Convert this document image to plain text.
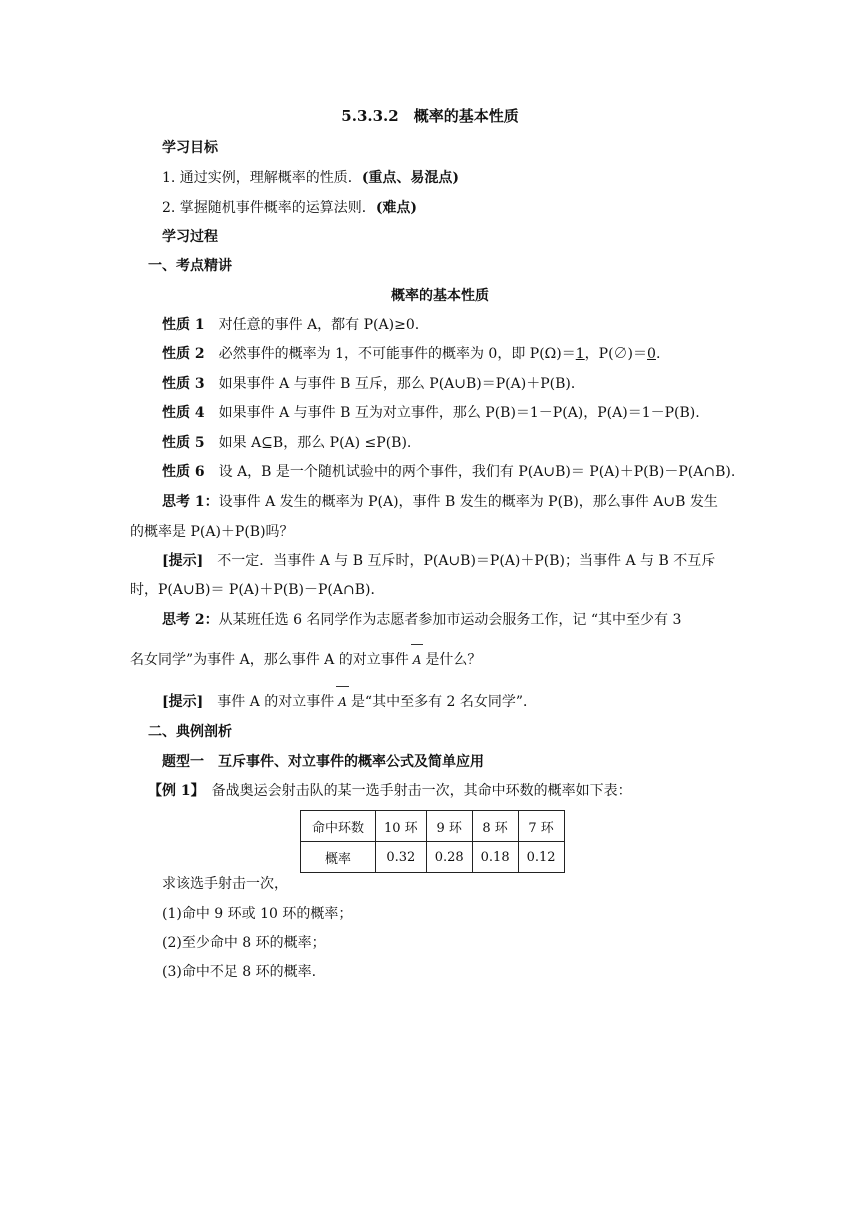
5.3.3.2　概率的基本性质
学习目标
1. 通过实例，理解概率的性质．(重点、易混点)
2. 掌握随机事件概率的运算法则．(难点)
学习过程
一、考点精讲
概率的基本性质
性质 1　对任意的事件 A，都有 P(A)≥0.
性质 2　必然事件的概率为 1，不可能事件的概率为 0，即 P(Ω)＝1，P(∅)＝0.
性质 3　如果事件 A 与事件 B 互斥，那么 P(A∪B)＝P(A)＋P(B)．
性质 4　如果事件 A 与事件 B 互为对立事件，那么 P(B)＝1－P(A)，P(A)＝1－P(B).
性质 5　如果 A⊆B，那么 P(A) ≤P(B).
性质 6　设 A，B 是一个随机试验中的两个事件，我们有 P(A∪B)＝ P(A)＋P(B)－P(A∩B).
思考 1：设事件 A 发生的概率为 P(A)，事件 B 发生的概率为 P(B)，那么事件 A∪B 发生
的概率是 P(A)＋P(B)吗？
[提示]　不一定．当事件 A 与 B 互斥时，P(A∪B)＝P(A)＋P(B)；当事件 A 与 B 不互斥
时，P(A∪B)＝ P(A)＋P(B)－P(A∩B)．
思考 2：从某班任选 6 名同学作为志愿者参加市运动会服务工作，记 “其中至少有 3
名女同学”为事件 A，那么事件 A 的对立事件 A 是什么？
[提示]　事件 A 的对立事件 A 是“其中至多有 2 名女同学”．
二、典例剖析
题型一　互斥事件、对立事件的概率公式及简单应用
【例 1】　备战奥运会射击队的某一选手射击一次，其命中环数的概率如下表：
命中环数	10 环	9 环	8 环	7 环
概率	0.32	0.28	0.18	0.12
求该选手射击一次，
(1)命中 9 环或 10 环的概率；
(2)至少命中 8 环的概率；
(3)命中不足 8 环的概率.
